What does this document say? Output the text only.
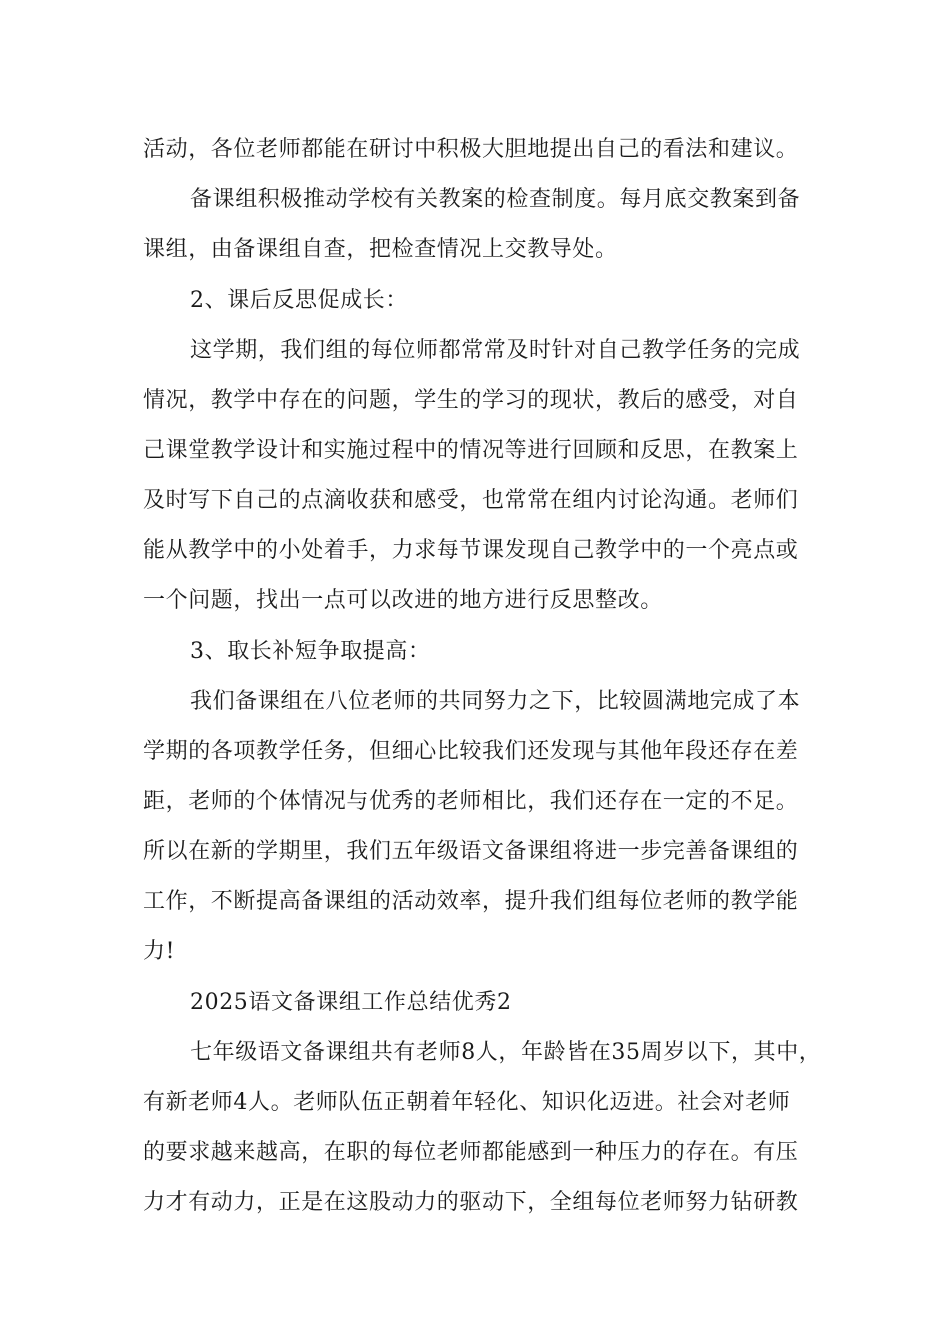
活动，各位老师都能在研讨中积极大胆地提出自己的看法和建议。
备课组积极推动学校有关教案的检查制度。每月底交教案到备
课组，由备课组自查，把检查情况上交教导处。
2、课后反思促成长：
这学期，我们组的每位师都常常及时针对自己教学任务的完成
情况，教学中存在的问题，学生的学习的现状，教后的感受，对自
己课堂教学设计和实施过程中的情况等进行回顾和反思，在教案上
及时写下自己的点滴收获和感受，也常常在组内讨论沟通。老师们
能从教学中的小处着手，力求每节课发现自己教学中的一个亮点或
一个问题，找出一点可以改进的地方进行反思整改。
3、取长补短争取提高：
我们备课组在八位老师的共同努力之下，比较圆满地完成了本
学期的各项教学任务，但细心比较我们还发现与其他年段还存在差
距，老师的个体情况与优秀的老师相比，我们还存在一定的不足。
所以在新的学期里，我们五年级语文备课组将进一步完善备课组的
工作，不断提高备课组的活动效率，提升我们组每位老师的教学能
力!
2025语文备课组工作总结优秀2
七年级语文备课组共有老师8人，年龄皆在35周岁以下，其中，
有新老师4人。老师队伍正朝着年轻化、知识化迈进。社会对老师
的要求越来越高，在职的每位老师都能感到一种压力的存在。有压
力才有动力，正是在这股动力的驱动下，全组每位老师努力钻研教
